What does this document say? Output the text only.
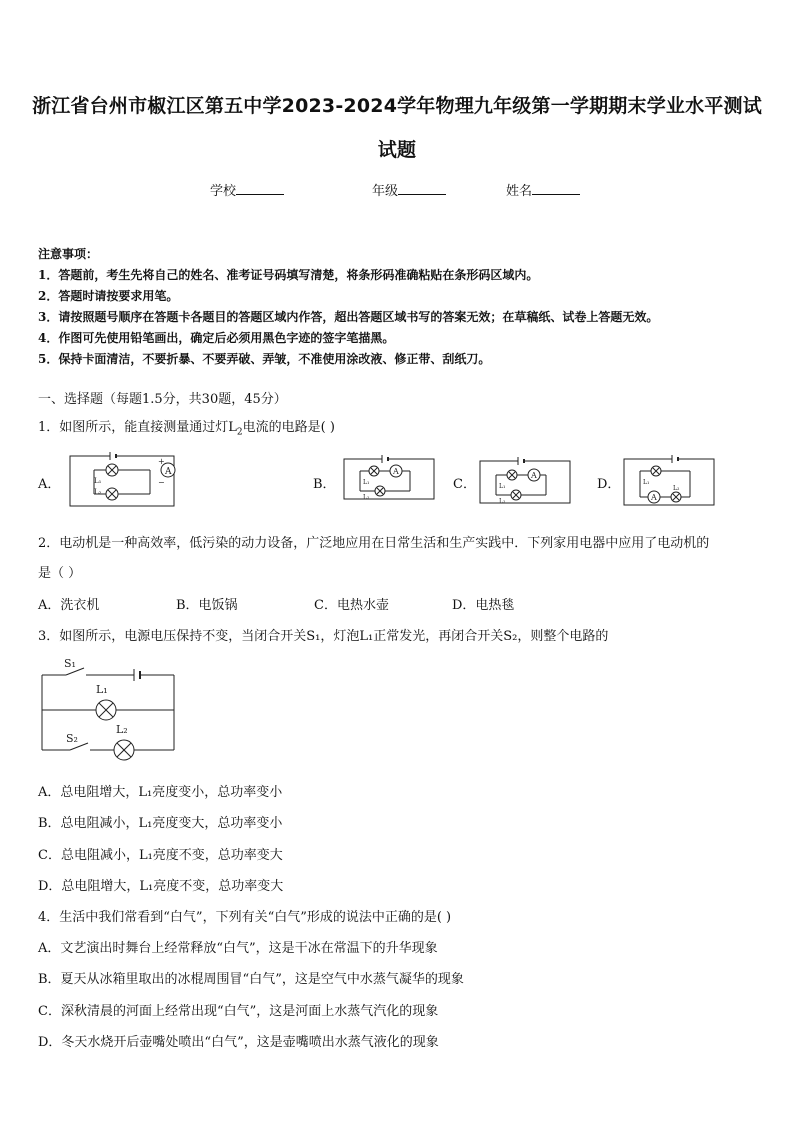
浙江省台州市椒江区第五中学2023-2024学年物理九年级第一学期期末学业水平测试
试题
学校	年级	姓名
注意事项：
1．答题前，考生先将自己的姓名、准考证号码填写清楚，将条形码准确粘贴在条形码区域内。
2．答题时请按要求用笔。
3．请按照题号顺序在答题卡各题目的答题区域内作答，超出答题区域书写的答案无效；在草稿纸、试卷上答题无效。
4．作图可先使用铅笔画出，确定后必须用黑色字迹的签字笔描黑。
5．保持卡面清洁，不要折暴、不要弄破、弄皱，不准使用涂改液、修正带、刮纸刀。
一、选择题（每题1.5分，共30题，45分）
1．如图所示，能直接测量通过灯$L_2$电流的电路是( )
A．
A
L₁
L₂
+
−	B．
A
L₁
L₂
C．
A
L₁
L₂
D．
A
L₁
L₂
2．电动机是一种高效率，低污染的动力设备，广泛地应用在日常生活和生产实践中．下列家用电器中应用了电动机的
是（ ）
A．洗衣机	B．电饭锅	C．电热水壶	D．电热毯
3．如图所示，电源电压保持不变，当闭合开关S₁，灯泡L₁正常发光，再闭合开关S₂，则整个电路的
S₁
L₁
S₂
L₂
A．总电阻增大，L₁亮度变小，总功率变小
B．总电阻减小，L₁亮度变大，总功率变小
C．总电阻减小，L₁亮度不变，总功率变大
D．总电阻增大，L₁亮度不变，总功率变大
4．生活中我们常看到“白气”，下列有关“白气”形成的说法中正确的是( )
A．文艺演出时舞台上经常释放“白气”，这是干冰在常温下的升华现象
B．夏天从冰箱里取出的冰棍周围冒“白气”，这是空气中水蒸气凝华的现象
C．深秋清晨的河面上经常出现“白气”，这是河面上水蒸气汽化的现象
D．冬天水烧开后壶嘴处喷出“白气”，这是壶嘴喷出水蒸气液化的现象
